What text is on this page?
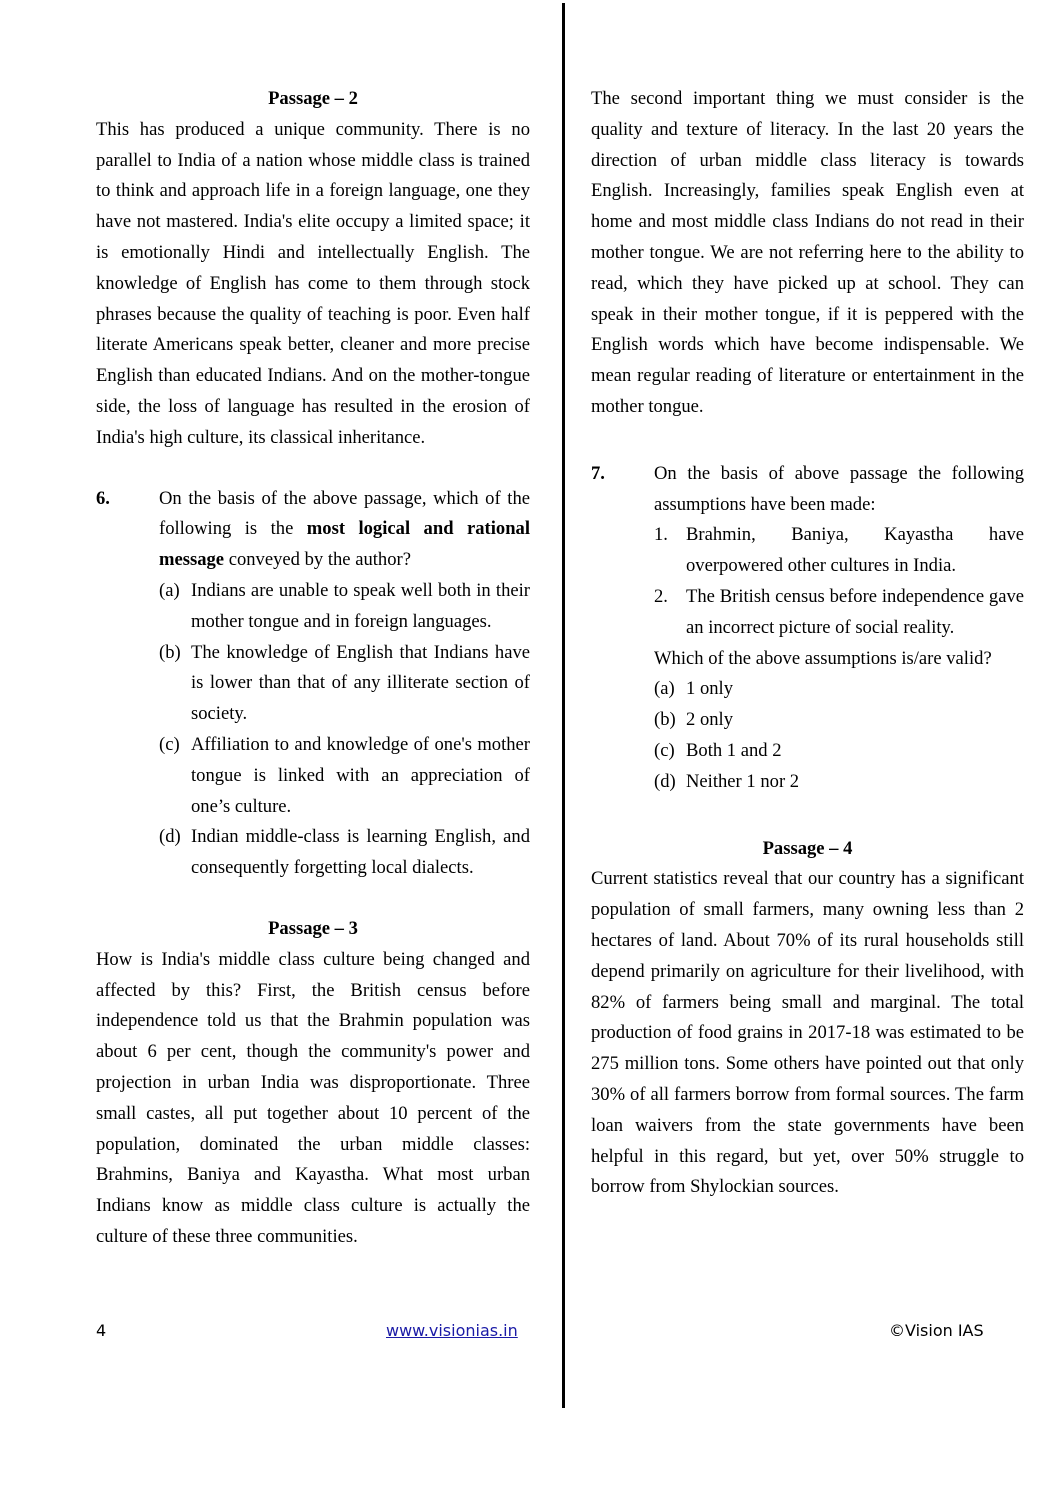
Passage – 2

This has produced a unique community. There is no parallel to India of a nation whose middle class is trained to think and approach life in a foreign language, one they have not mastered. India's elite occupy a limited space; it is emotionally Hindi and intellectually English. The knowledge of English has come to them through stock phrases because the quality of teaching is poor. Even half literate Americans speak better, cleaner and more precise English than educated Indians. And on the mother-tongue side, the loss of language has resulted in the erosion of India's high culture, its classical inheritance.

6.	On the basis of the above passage, which of the following is the most logical and rational message conveyed by the author?

(a) Indians are unable to speak well both in their mother tongue and in foreign languages.
(b) The knowledge of English that Indians have is lower than that of any illiterate section of society.
(c) Affiliation to and knowledge of one's mother tongue is linked with an appreciation of one’s culture.
(d) Indian middle-class is learning English, and consequently forgetting local dialects.

Passage – 3

How is India's middle class culture being changed and affected by this? First, the British census before independence told us that the Brahmin population was about 6 per cent, though the community's power and projection in urban India was disproportionate. Three small castes, all put together about 10 percent of the population, dominated the urban middle classes: Brahmins, Baniya and Kayastha. What most urban Indians know as middle class culture is actually the culture of these three communities.

The second important thing we must consider is the quality and texture of literacy. In the last 20 years the direction of urban middle class literacy is towards English. Increasingly, families speak English even at home and most middle class Indians do not read in their mother tongue. We are not referring here to the ability to read, which they have picked up at school. They can speak in their mother tongue, if it is peppered with the English words which have become indispensable. We mean regular reading of literature or entertainment in the mother tongue.

7.	On the basis of above passage the following assumptions have been made:

1. Brahmin, Baniya, Kayastha have overpowered other cultures in India.
2. The British census before independence gave an incorrect picture of social reality.

Which of the above assumptions is/are valid?

(a) 1 only
(b) 2 only
(c) Both 1 and 2
(d) Neither 1 nor 2

Passage – 4

Current statistics reveal that our country has a significant population of small farmers, many owning less than 2 hectares of land. About 70% of its rural households still depend primarily on agriculture for their livelihood, with 82% of farmers being small and marginal. The total production of food grains in 2017-18 was estimated to be 275 million tons. Some others have pointed out that only 30% of all farmers borrow from formal sources. The farm loan waivers from the state governments have been helpful in this regard, but yet, over 50% struggle to borrow from Shylockian sources.

4	www.visionias.in	©Vision IAS
